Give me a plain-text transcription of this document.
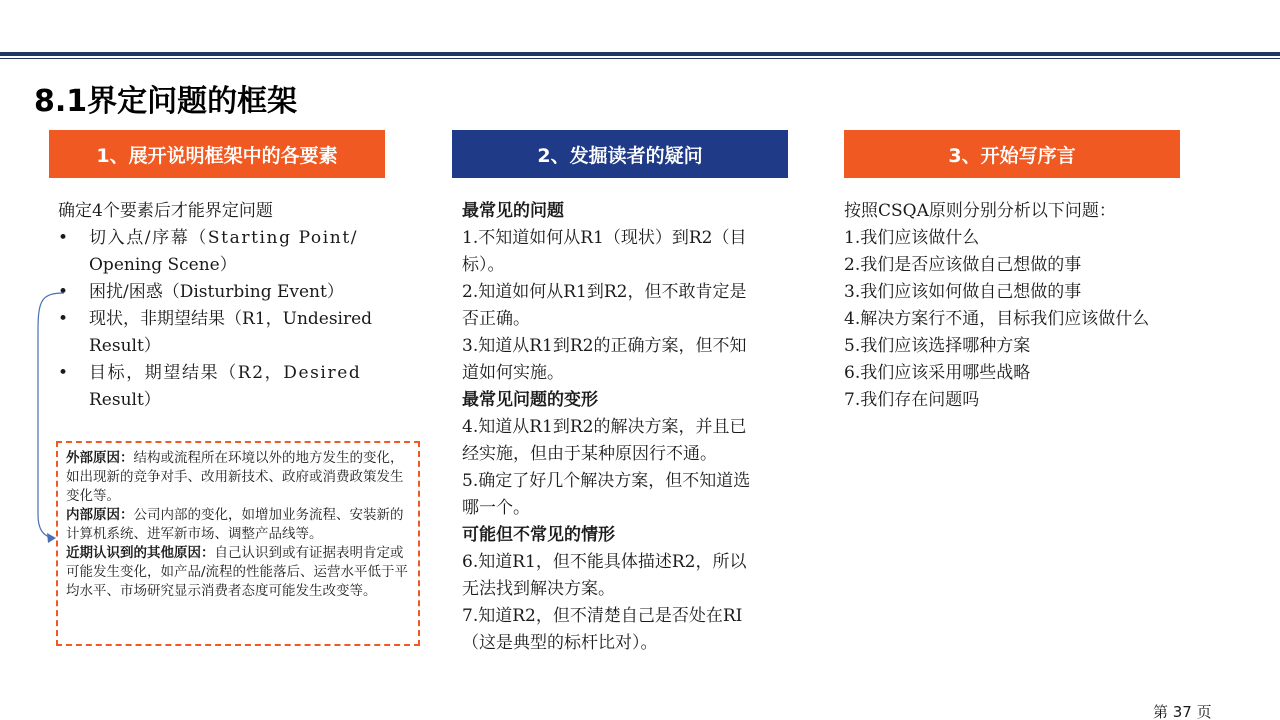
8.1界定问题的框架
1、展开说明框架中的各要素	2、发掘读者的疑问	3、开始写序言
确定4个要素后才能界定问题
•	切入点/序幕（Starting Point/
Opening Scene）
•	困扰/困惑（Disturbing Event）
•	现状，非期望结果（R1，Undesired
Result）
•	目标，期望结果（R2，Desired
Result）

外部原因：结构或流程所在环境以外的地方发生的变化，如出现新的竞争对手、改用新技术、政府或消费政策发生变化等。

内部原因：公司内部的变化，如增加业务流程、安装新的计算机系统、进军新市场、调整产品线等。

近期认识到的其他原因：自己认识到或有证据表明肯定或可能发生变化，如产品/流程的性能落后、运营水平低于平均水平、市场研究显示消费者态度可能发生改变等。

最常见的问题
1.不知道如何从R1（现状）到R2（目
标）。
2.知道如何从R1到R2，但不敢肯定是
否正确。
3.知道从R1到R2的正确方案，但不知
道如何实施。
最常见问题的变形
4.知道从R1到R2的解决方案，并且已
经实施，但由于某种原因行不通。
5.确定了好几个解决方案，但不知道选
哪一个。
可能但不常见的情形
6.知道R1，但不能具体描述R2，所以
无法找到解决方案。
7.知道R2，但不清楚自己是否处在RI
（这是典型的标杆比对）。
按照CSQA原则分别分析以下问题：
1.我们应该做什么
2.我们是否应该做自己想做的事
3.我们应该如何做自己想做的事
4.解决方案行不通，目标我们应该做什么
5.我们应该选择哪种方案
6.我们应该采用哪些战略
7.我们存在问题吗
第 37 页
